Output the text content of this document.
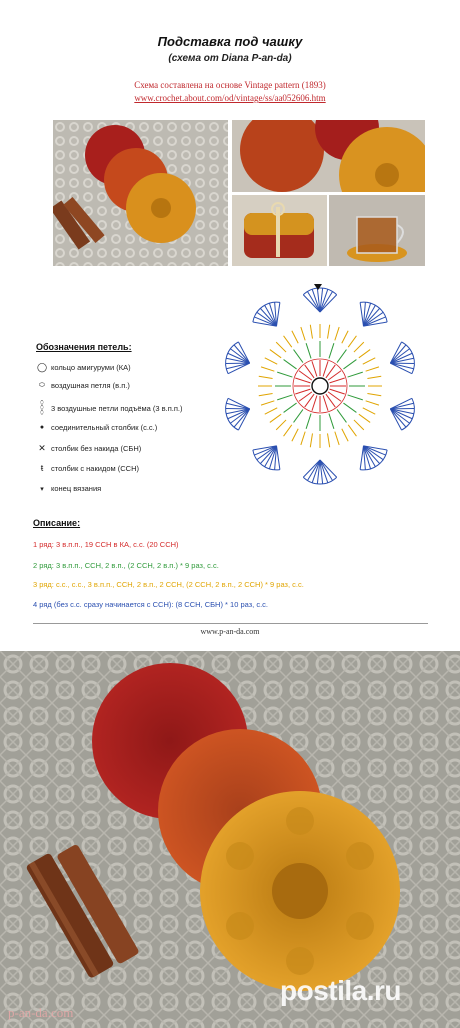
Подставка под чашку
(схема от Diana P-an-da)
Схема составлена на основе Vintage pattern (1893)
www.crochet.about.com/od/vintage/ss/aa052606.htm
Обозначения петель:
◯ кольцо амигуруми (КА)
⬭ воздушная петля (в.п.)
⬯
⬯
⬯ 3 воздушные петли подъёма (3 в.п.п.)
● соединительный столбик (с.с.)
✕ столбик без накида (СБН)
ŧ	столбик с накидом (ССН)
▾ конец вязания
Описание:
1 ряд: 3 в.п.п., 19 ССН в КА, с.с. (20 ССН)
2 ряд: 3 в.п.п., ССН, 2 в.п., (2 ССН, 2 в.п.) * 9 раз, с.с.
3 ряд: с.с., с.с., 3 в.п.п., ССН, 2 в.п., 2 ССН, (2 ССН, 2 в.п., 2 ССН) * 9 раз, с.с.
4 ряд (без с.с. сразу начинается с ССН): (8 ССН, СБН) * 10 раз, с.с.
www.p-an-da.com
postila.ru
p-an-da.com
